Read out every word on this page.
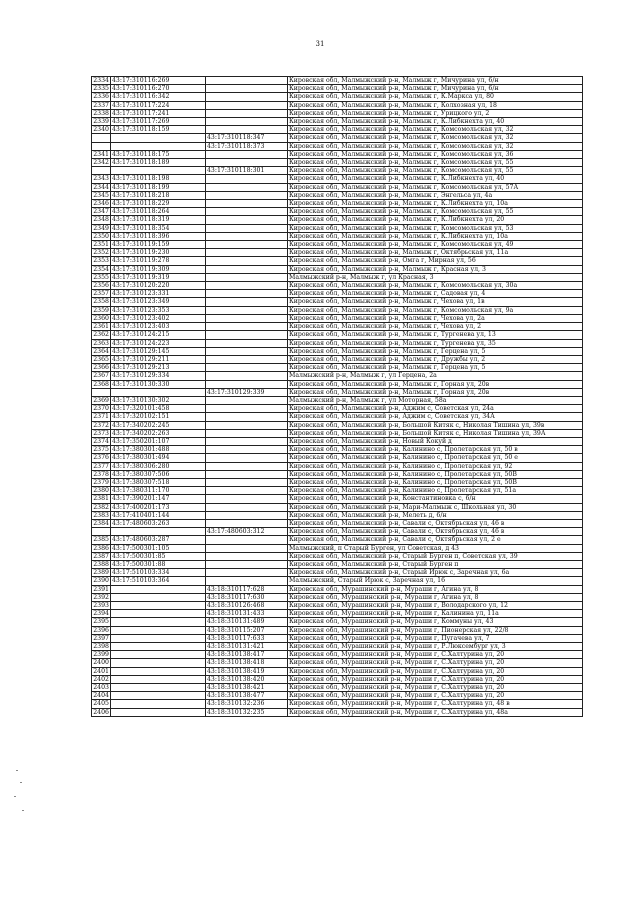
31
2334	43:17:310116:269		Кировская обл, Малмыжский р-н, Малмыж г, Мичурина ул, 6/н
2335	43:17:310116:270		Кировская обл, Малмыжский р-н, Малмыж г, Мичурина ул, 6/н
2336	43:17:310116:342		Кировская обл, Малмыжский р-н, Малмыж г, К.Маркса ул, 80
2337	43:17:310117:224		Кировская обл, Малмыжский р-н, Малмыж г, Колхозная ул, 18
2338	43:17:310117:241		Кировская обл, Малмыжский р-н, Малмыж г, Урицкого ул, 2
2339	43:17:310117:269		Кировская обл, Малмыжский р-н, Малмыж г, К.Либкнехта ул, 40
2340	43:17:310118:159		Кировская обл, Малмыжский р-н, Малмыж г, Комсомольская ул, 32
		43:17:310118:347	Кировская обл, Малмыжский р-н, Малмыж г, Комсомольская ул, 32
		43:17:310118:373	Кировская обл, Малмыжский р-н, Малмыж г, Комсомольская ул, 32
2341	43:17:310118:175		Кировская обл, Малмыжский р-н, Малмыж г, Комсомольская ул, 36
2342	43:17:310118:189		Кировская обл, Малмыжский р-н, Малмыж г, Комсомольская ул, 55
		43:17:310118:301	Кировская обл, Малмыжский р-н, Малмыж г, Комсомольская ул, 55
2343	43:17:310118:198		Кировская обл, Малмыжский р-н, Малмыж г, К.Либкнехта ул, 40
2344	43:17:310118:199		Кировская обл, Малмыжский р-н, Малмыж г, Комсомольская ул, 57А
2345	43:17:310118:218		Кировская обл, Малмыжский р-н, Малмыж г, Энгельса ул, 4а
2346	43:17:310118:229		Кировская обл, Малмыжский р-н, Малмыж г, К.Либкнехта ул, 10а
2347	43:17:310118:264		Кировская обл, Малмыжский р-н, Малмыж г, Комсомольская ул, 55
2348	43:17:310118:319		Кировская обл, Малмыжский р-н, Малмыж г, К.Либкнехта ул, 20
2349	43:17:310118:354		Кировская обл, Малмыжский р-н, Малмыж г, Комсомольская ул, 53
2350	43:17:310118:396		Кировская обл, Малмыжский р-н, Малмыж г, К.Либкнехта ул, 10а
2351	43:17:310119:159		Кировская обл, Малмыжский р-н, Малмыж г, Комсомольская ул, 49
2352	43:17:310119:230		Кировская обл, Малмыжский р-н, Малмыж г, Октябрьская ул, 11а
2353	43:17:310119:278		Кировская обл, Малмыжский р-н, Омга г, Мирная ул, 56
2354	43:17:310119:309		Кировская обл, Малмыжский р-н, Малмыж г, Красная ул, 3
2355	43:17:310119:319		Малмыжский р-н, Малмыж г, ул Красная, 3
2356	43:17:310120:220		Кировская обл, Малмыжский р-н, Малмыж г, Комсомольская ул, 30а
2357	43:17:310123:331		Кировская обл, Малмыжский р-н, Малмыж г, Садовая ул, 4
2358	43:17:310123:349		Кировская обл, Малмыжский р-н, Малмыж г, Чехова ул, 1в
2359	43:17:310123:353		Кировская обл, Малмыжский р-н, Малмыж г, Комсомольская ул, 9а
2360	43:17:310123:402		Кировская обл, Малмыжский р-н, Малмыж г, Чехова ул, 2а
2361	43:17:310123:403		Кировская обл, Малмыжский р-н, Малмыж г, Чехова ул, 2
2362	43:17:310124:215		Кировская обл, Малмыжский р-н, Малмыж г, Тургенева ул, 13
2363	43:17:310124:223		Кировская обл, Малмыжский р-н, Малмыж г, Тургенева ул, 35
2364	43:17:310129:145		Кировская обл, Малмыжский р-н, Малмыж г, Герцена ул, 5
2365	43:17:310129:211		Кировская обл, Малмыжский р-н, Малмыж г, Дружбы ул, 2
2366	43:17:310129:213		Кировская обл, Малмыжский р-н, Малмыж г, Герцена ул, 5
2367	43:17:310129:334		Малмыжский р-н, Малмыж г, ул Герцена, 2а
2368	43:17:310130:330		Кировская обл, Малмыжский р-н, Малмыж г, Горная ул, 20в
		43:17:310129:339	Кировская обл, Малмыжский р-н, Малмыж г, Горная ул, 20в
2369	43:17:310130:302		Малмыжский р-н, Малмыж г, ул Моторная, 58а
2370	43:17:320101:458		Кировская обл, Малмыжский р-н, Аджим с, Советская ул, 24а
2371	43:17:320102:151		Кировская обл, Малмыжский р-н, Аджим с, Советская ул, 34А
2372	43:17:340202:245		Кировская обл, Малмыжский р-н, Большой Китяк с, Николая Тишина ул, 39в
2373	43:17:340202:263		Кировская обл, Малмыжский р-н, Большой Китяк с, Николая Тишина ул, 39А
2374	43:17:350201:107		Кировская обл, Малмыжский р-н, Новый Кокуй д
2375	43:17:380301:488		Кировская обл, Малмыжский р-н, Калинино с, Пролетарская ул, 50 в
2376	43:17:380301:494		Кировская обл, Малмыжский р-н, Калинино с, Пролетарская ул, 50 е
2377	43:17:380306:280		Кировская обл, Малмыжский р-н, Калинино с, Пролетарская ул, 92
2378	43:17:380307:506		Кировская обл, Малмыжский р-н, Калинино с, Пролетарская ул, 50В
2379	43:17:380307:518		Кировская обл, Малмыжский р-н, Калинино с, Пролетарская ул, 50В
2380	43:17:380311:170		Кировская обл, Малмыжский р-н, Калинино с, Пролетарская ул, 51а
2381	43:17:390201:147		Кировская обл, Малмыжский р-н, Константиновка с, 6/н
2382	43:17:400201:173		Кировская обл, Малмыжский р-н, Мари-Малмыж с, Школьная ул, 30
2383	43:17:410401:144		Кировская обл, Малмыжский р-н, Мелеть д, 6/н
2384	43:17:480603:263		Кировская обл, Малмыжский р-н, Савали с, Октябрьская ул, 46 в
		43:17:480603:312	Кировская обл, Малмыжский р-н, Савали с, Октябрьская ул, 46 в
2385	43:17:480603:287		Кировская обл, Малмыжский р-н, Савали с, Октябрьская ул, 2 е
2386	43:17:500301:105		Малмыжский, п Старый Бурген, ул Советская, д 43
2387	43:17:500301:85		Кировская обл, Малмыжский р-н, Старый Бурген п, Советская ул, 39
2388	43:17:500301:88		Кировская обл, Малмыжский р-н, Старый Бурген п
2389	43:17:510103:334		Кировская обл, Малмыжский р-н, Старый Ирюк с, Заречная ул, 6а
2390	43:17:510103:364		Малмыжский, Старый Ирюк с, Заречная ул, 16
2391		43:18:310117:628	Кировская обл, Мурашинский р-н, Мураши г, Агина ул, 8
2392		43:18:310117:630	Кировская обл, Мурашинский р-н, Мураши г, Агина ул, 8
2393		43:18:310126:468	Кировская обл, Мурашинский р-н, Мураши г, Володарского ул, 12
2394		43:18:310131:433	Кировская обл, Мурашинский р-н, Мураши г, Калинина ул, 11а
2395		43:18:310131:489	Кировская обл, Мурашинский р-н, Мураши г, Коммуны ул, 43
2396		43:18:310115:207	Кировская обл, Мурашинский р-н, Мураши г, Пионерская ул, 22/8
2397		43:18:310117:633	Кировская обл, Мурашинский р-н, Мураши г, Пугачева ул, 7
2398		43:18:310131:421	Кировская обл, Мурашинский р-н, Мураши г, Р.Люксембург ул, 3
2399		43:18:310138:417	Кировская обл, Мурашинский р-н, Мураши г, С.Халтурина ул, 20
2400		43:18:310138:418	Кировская обл, Мурашинский р-н, Мураши г, С.Халтурина ул, 20
2401		43:18:310138:419	Кировская обл, Мурашинский р-н, Мураши г, С.Халтурина ул, 20
2402		43:18:310138:420	Кировская обл, Мурашинский р-н, Мураши г, С.Халтурина ул, 20
2403		43:18:310138:421	Кировская обл, Мурашинский р-н, Мураши г, С.Халтурина ул, 20
2404		43:18:310138:477	Кировская обл, Мурашинский р-н, Мураши г, С.Халтурина ул, 20
2405		43:18:310132:236	Кировская обл, Мурашинский р-н, Мураши г, С.Халтурина ул, 48 в
2406		43:18:310132:235	Кировская обл, Мурашинский р-н, Мураши г, С.Халтурина ул, 48а
